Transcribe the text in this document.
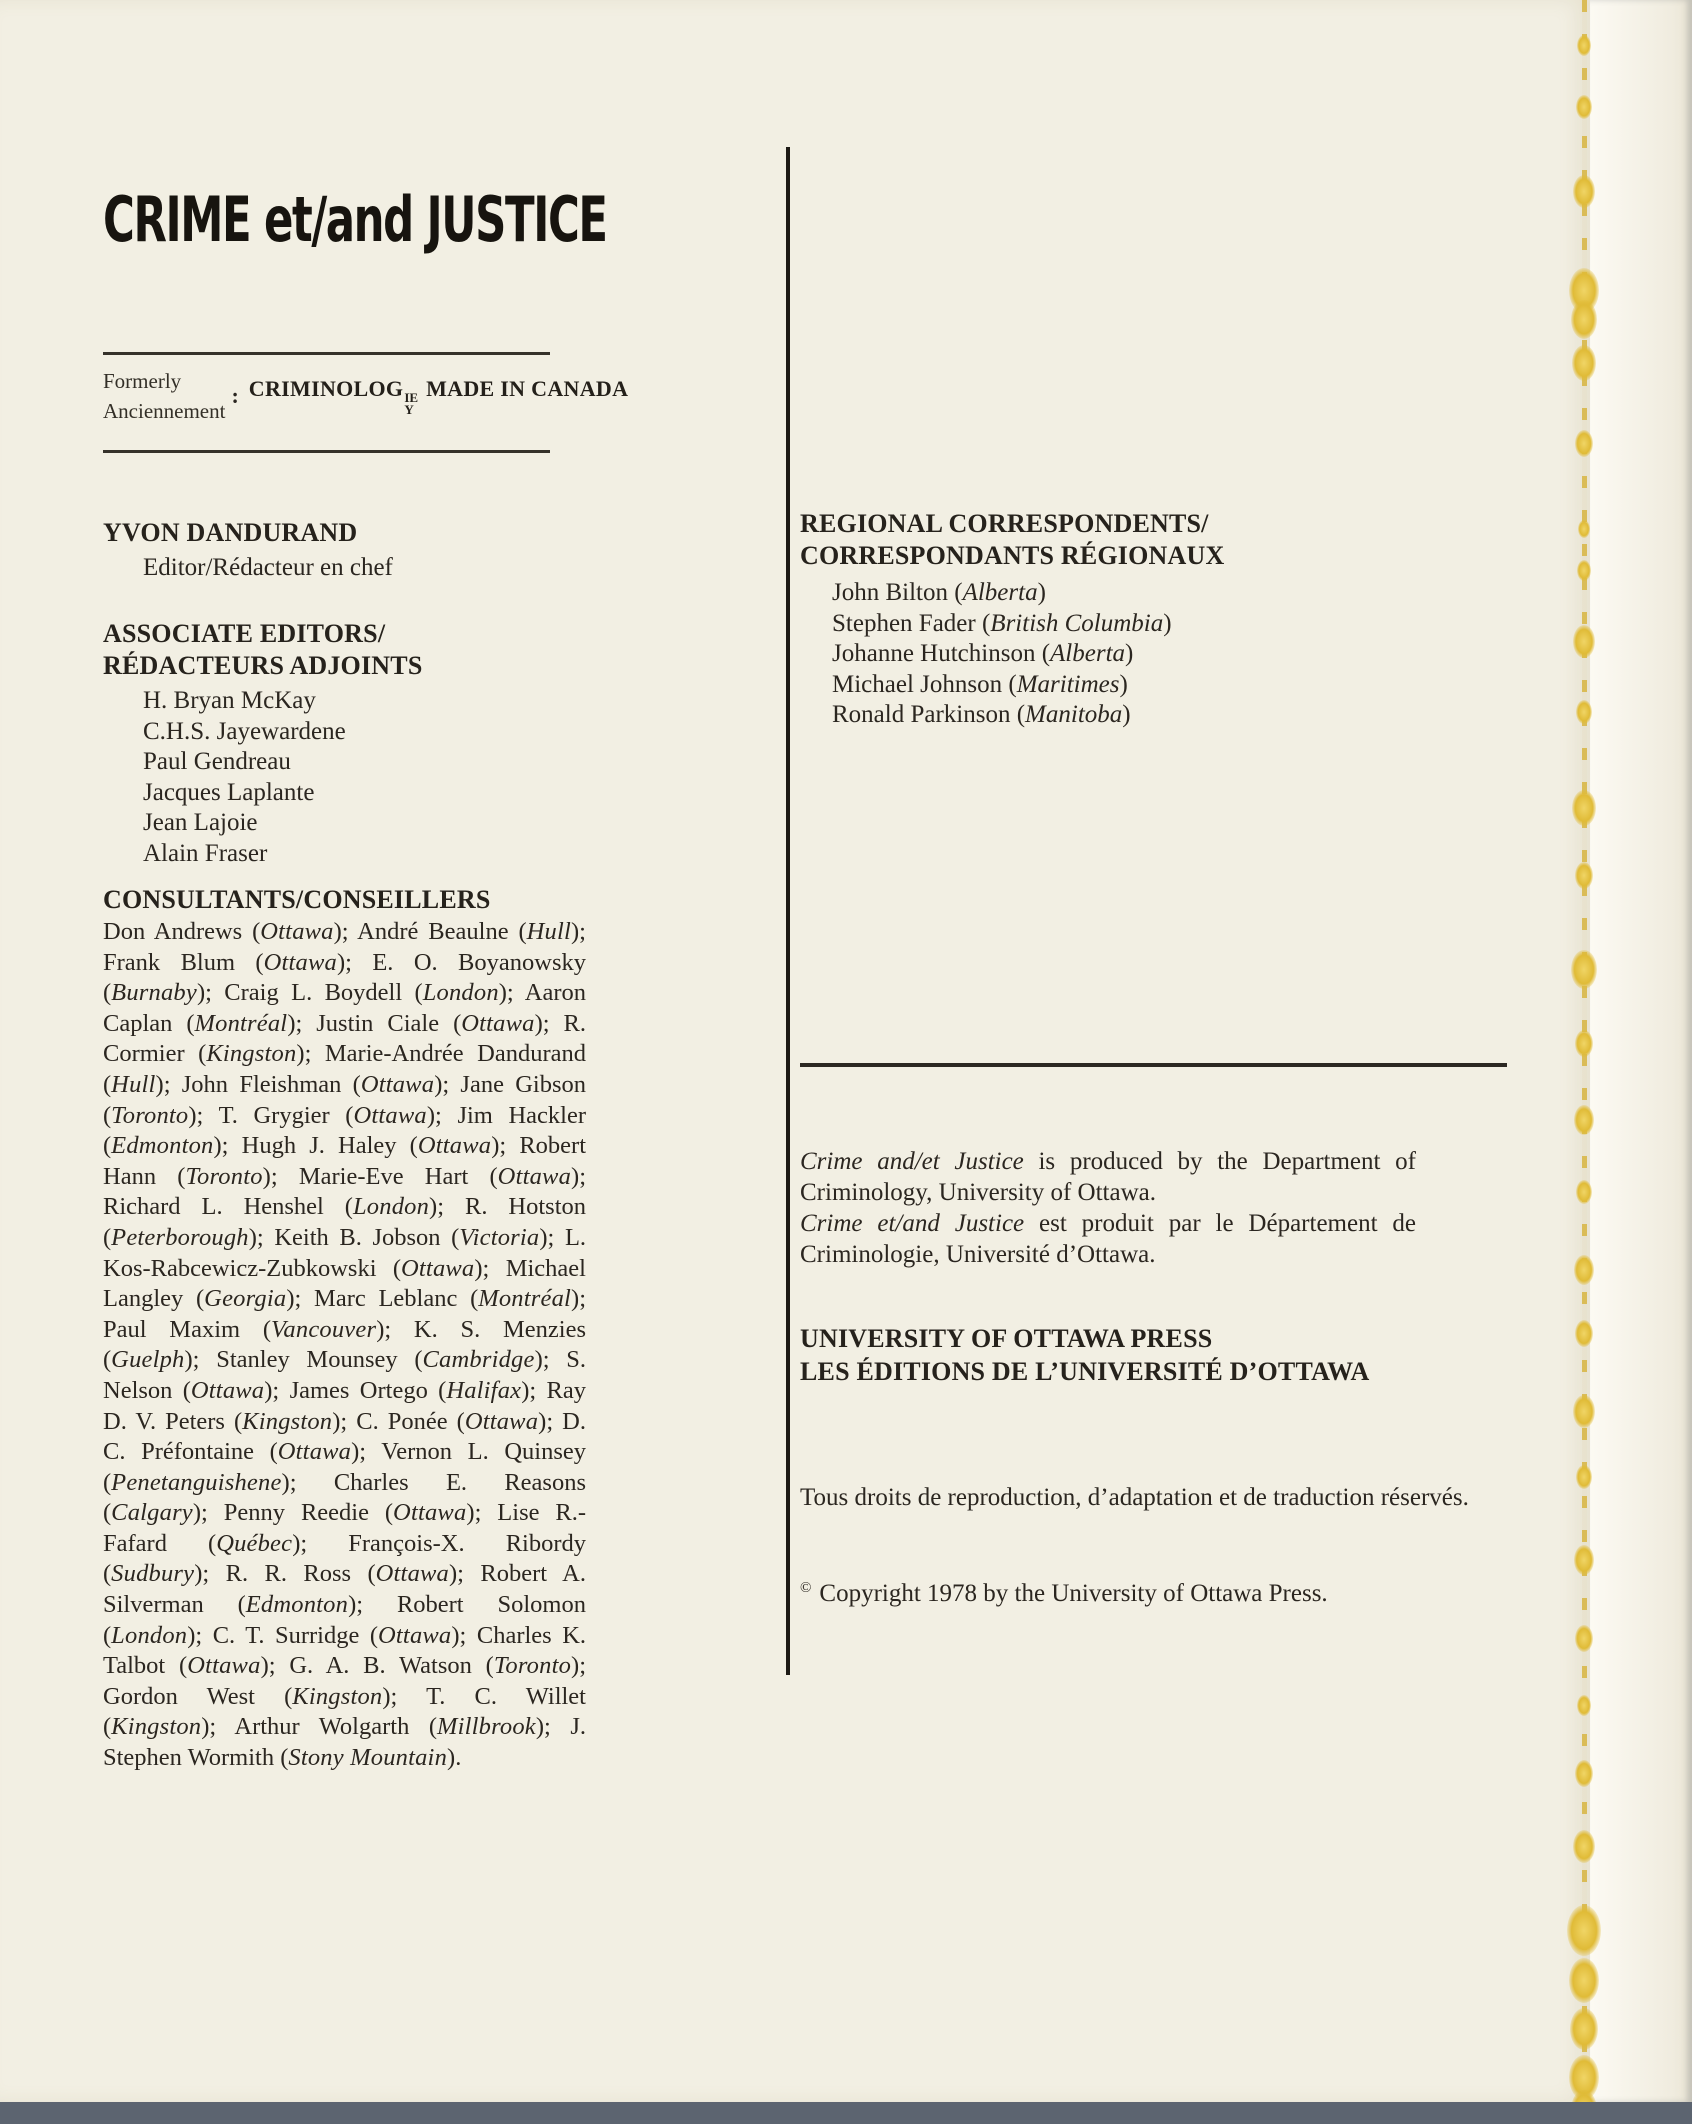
CRIME et/and JUSTICE
Formerly
Anciennement
: CRIMINOLOG IE
Y
MADE IN CANADA
YVON DANDURAND
Editor/Rédacteur en chef
ASSOCIATE EDITORS/
RÉDACTEURS ADJOINTS
H. Bryan McKay
C.H.S. Jayewardene
Paul Gendreau
Jacques Laplante
Jean Lajoie
Alain Fraser
CONSULTANTS/CONSEILLERS

Don Andrews (Ottawa); André Beaulne (Hull); Frank Blum (Ottawa); E. O. Boyanowsky (Burnaby); Craig L. Boydell (London); Aaron Caplan (Montréal); Justin Ciale (Ottawa); R. Cormier (Kingston); Marie-Andrée Dandurand (Hull); John Fleishman (Ottawa); Jane Gibson (Toronto); T. Grygier (Ottawa); Jim Hackler (Edmonton); Hugh J. Haley (Ottawa); Robert Hann (Toronto); Marie-Eve Hart (Ottawa); Richard L. Henshel (London); R. Hotston (Peterborough); Keith B. Jobson (Victoria); L. Kos-Rabcewicz-Zubkowski (Ottawa); Michael Langley (Georgia); Marc Leblanc (Montréal); Paul Maxim (Vancouver); K. S. Menzies (Guelph); Stanley Mounsey (Cambridge); S. Nelson (Ottawa); James Ortego (Halifax); Ray D. V. Peters (Kingston); C. Ponée (Ottawa); D. C. Préfontaine (Ottawa); Vernon L. Quinsey (Penetanguishene); Charles E. Reasons (Calgary); Penny Reedie (Ottawa); Lise R.-Fafard (Québec); François-X. Ribordy (Sudbury); R. R. Ross (Ottawa); Robert A. Silverman (Edmonton); Robert Solomon (London); C. T. Surridge (Ottawa); Charles K. Talbot (Ottawa); G. A. B. Watson (Toronto); Gordon West (Kingston); T. C. Willet (Kingston); Arthur Wolgarth (Millbrook); J. Stephen Wormith (Stony Mountain).

REGIONAL CORRESPONDENTS/
CORRESPONDANTS RÉGIONAUX
John Bilton (Alberta)
Stephen Fader (British Columbia)
Johanne Hutchinson (Alberta)
Michael Johnson (Maritimes)
Ronald Parkinson (Manitoba)

Crime and/et Justice is produced by the Department of Criminology, University of Ottawa.
Crime et/and Justice est produit par le Département de Criminologie, Université d’Ottawa.

UNIVERSITY OF OTTAWA PRESS
LES ÉDITIONS DE L’UNIVERSITÉ D’OTTAWA

Tous droits de reproduction, d’adaptation et de traduction réservés.

© Copyright 1978 by the University of Ottawa Press.
